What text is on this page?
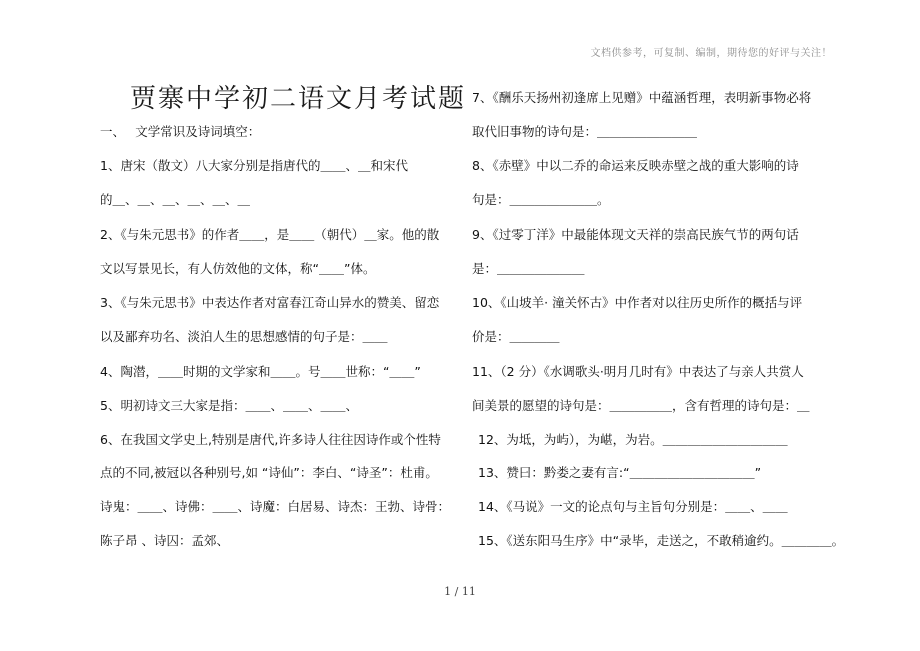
文档供参考，可复制、编制，期待您的好评与关注！
贾寨中学初二语文月考试题
一、　 文学常识及诗词填空：
1、唐宋（散文）八大家分别是指唐代的＿＿、＿和宋代
的＿、＿、＿、＿、＿、＿
2、《与朱元思书》的作者＿＿，是＿＿（朝代）＿家。他的散
文以写景见长，有人仿效他的文体，称“＿＿”体。
3、《与朱元思书》中表达作者对富春江奇山异水的赞美、留恋
以及鄙弃功名、淡泊人生的思想感情的句子是：＿＿
4、陶潜，＿＿时期的文学家和＿＿。号＿＿世称：“＿＿”
5、明初诗文三大家是指：＿＿、＿＿、＿＿、
6、在我国文学史上,特别是唐代,许多诗人往往因诗作或个性特
点的不同,被冠以各种别号,如 “诗仙”：李白、“诗圣”：杜甫。
诗鬼：＿＿、诗佛：＿＿、诗魔：白居易、诗杰：王勃、诗骨：
陈子昂 、诗囚：孟郊、
7、《酬乐天扬州初逢席上见赠》中蕴涵哲理，表明新事物必将
取代旧事物的诗句是：＿＿＿＿＿＿＿＿
8、《赤壁》中以二乔的命运来反映赤壁之战的重大影响的诗
句是：＿＿＿＿＿＿＿。
9、《过零丁洋》中最能体现文天祥的崇高民族气节的两句话
是：＿＿＿＿＿＿＿
10、《山坡羊· 潼关怀古》中作者对以往历史所作的概括与评
价是：＿＿＿＿
11、（2 分）《水调歌头·明月几时有》中表达了与亲人共赏人
间美景的愿望的诗句是：＿＿＿＿＿，含有哲理的诗句是：＿
12、为坻，为屿），为嵁，为岩。＿＿＿＿＿＿＿＿＿＿
13、赞曰：黔娄之妻有言:“＿＿＿＿＿＿＿＿＿＿”
14、《马说》一文的论点句与主旨句分别是：＿＿、＿＿
15、《送东阳马生序》中“录毕，走送之，不敢稍逾约。＿＿＿＿。
1 / 11
